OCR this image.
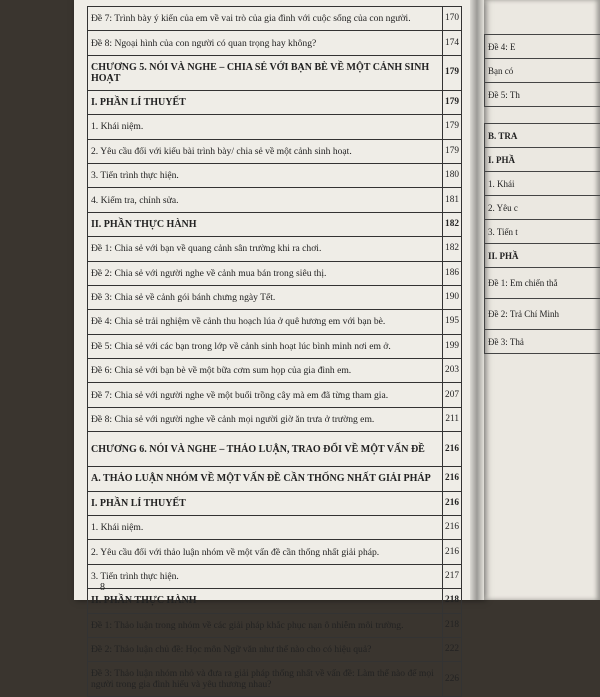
Đề 7: Trình bày ý kiến của em về vai trò của gia đình với cuộc sống của con người.	170
Đề 8: Ngoại hình của con người có quan trọng hay không?	174
CHƯƠNG 5. NÓI VÀ NGHE – CHIA SẺ VỚI BẠN BÈ VỀ MỘT CẢNH SINH HOẠT	179
I. PHẦN LÍ THUYẾT	179
1. Khái niệm.	179
2. Yêu cầu đối với kiểu bài trình bày/ chia sẻ về một cảnh sinh hoạt.	179
3. Tiến trình thực hiện.	180
4. Kiểm tra, chỉnh sửa.	181
II. PHẦN THỰC HÀNH	182
Đề 1: Chia sẻ với bạn về quang cảnh sân trường khi ra chơi.	182
Đề 2: Chia sẻ với người nghe về cảnh mua bán trong siêu thị.	186
Đề 3: Chia sẻ về cảnh gói bánh chưng ngày Tết.	190
Đề 4: Chia sẻ trải nghiệm về cảnh thu hoạch lúa ở quê hương em với bạn bè.	195
Đề 5: Chia sẻ với các bạn trong lớp về cảnh sinh hoạt lúc bình minh nơi em ở.	199
Đề 6: Chia sẻ với bạn bè về một bữa cơm sum họp của gia đình em.	203
Đề 7: Chia sẻ với người nghe về một buổi trồng cây mà em đã từng tham gia.	207
Đề 8: Chia sẻ với người nghe về cảnh mọi người giờ ăn trưa ở trường em.	211
CHƯƠNG 6. NÓI VÀ NGHE – THẢO LUẬN, TRAO ĐỔI VỀ MỘT VẤN ĐỀ	216
A. THẢO LUẬN NHÓM VỀ MỘT VẤN ĐỀ CẦN THỐNG NHẤT GIẢI PHÁP	216
I. PHẦN LÍ THUYẾT	216
1. Khái niệm.	216
2. Yêu cầu đối với thảo luận nhóm về một vấn đề cần thống nhất giải pháp.	216
3. Tiến trình thực hiện.	217
II. PHẦN THỰC HÀNH	218
Đề 1: Thảo luận trong nhóm về các giải pháp khắc phục nạn ô nhiễm môi trường.	218
Đề 2: Thảo luận chủ đề: Học môn Ngữ văn như thế nào cho có hiệu quả?	222
Đề 3: Thảo luận nhóm nhỏ và đưa ra giải pháp thống nhất về vấn đề: Làm thế nào để mọi người trong gia đình hiểu và yêu thương nhau?	226
8
Đề 4: E
Bạn có
Đề 5: Th

B. TRA
I. PHẦ
1. Khái
2. Yêu c
3. Tiến t
II. PHẦ
Đề 1: Em chiến thắ
Đề 2: Trả Chí Minh
Đề 3: Thả
